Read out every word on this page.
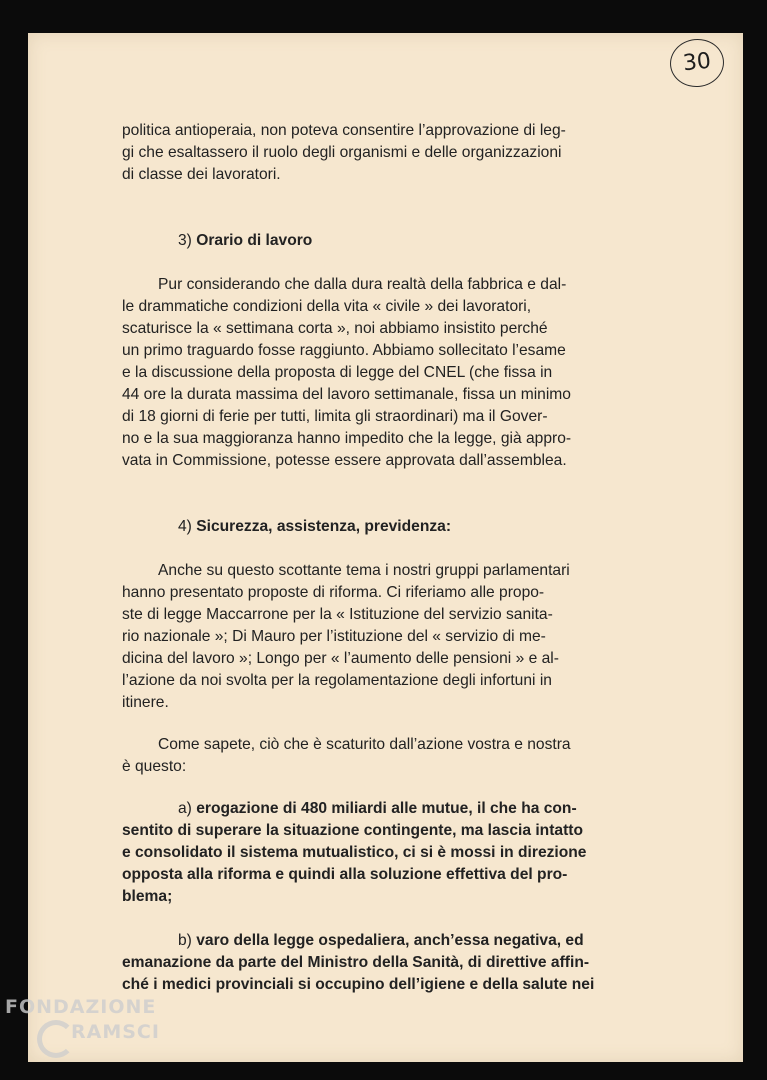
30

politica antioperaia, non poteva consentire l’approvazione di leg-
gi che esaltassero il ruolo degli organismi e delle organizzazioni
di classe dei lavoratori.

3) Orario di lavoro

Pur considerando che dalla dura realtà della fabbrica e dal-
le drammatiche condizioni della vita « civile » dei lavoratori,
scaturisce la « settimana corta », noi abbiamo insistito perché
un primo traguardo fosse raggiunto. Abbiamo sollecitato l’esame
e la discussione della proposta di legge del CNEL (che fissa in
44 ore la durata massima del lavoro settimanale, fissa un minimo
di 18 giorni di ferie per tutti, limita gli straordinari) ma il Gover-
no e la sua maggioranza hanno impedito che la legge, già appro-
vata in Commissione, potesse essere approvata dall’assemblea.

4) Sicurezza, assistenza, previdenza:

Anche su questo scottante tema i nostri gruppi parlamentari
hanno presentato proposte di riforma. Ci riferiamo alle propo-
ste di legge Maccarrone per la « Istituzione del servizio sanita-
rio nazionale »; Di Mauro per l’istituzione del « servizio di me-
dicina del lavoro »; Longo per « l’aumento delle pensioni » e al-
l’azione da noi svolta per la regolamentazione degli infortuni in
itinere.

Come sapete, ciò che è scaturito dall’azione vostra e nostra
è questo:

a) erogazione di 480 miliardi alle mutue, il che ha con-
sentito di superare la situazione contingente, ma lascia intatto
e consolidato il sistema mutualistico, ci si è mossi in direzione
opposta alla riforma e quindi alla soluzione effettiva del pro-
blema;

b) varo della legge ospedaliera, anch’essa negativa, ed
emanazione da parte del Ministro della Sanità, di direttive affin-
ché i medici provinciali si occupino dell’igiene e della salute nei

FONDAZIONE
RAMSCI
